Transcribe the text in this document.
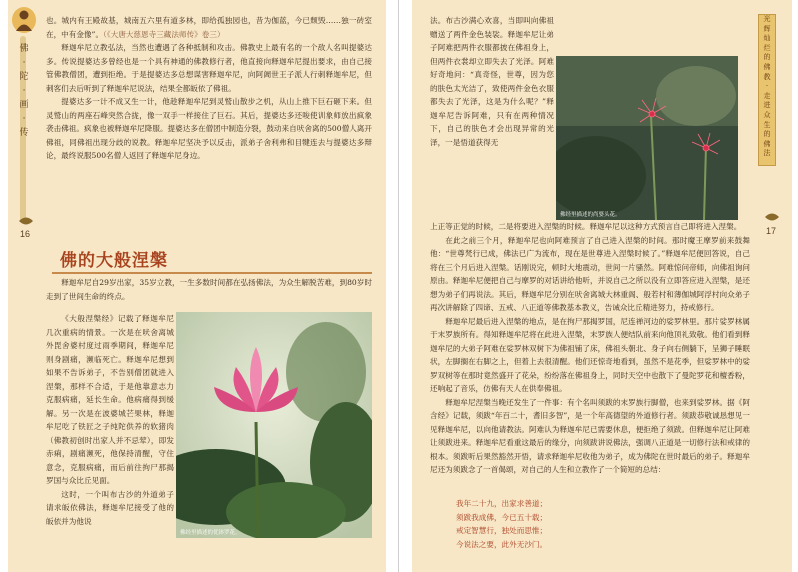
佛
·
陀
·
画
·
传
16

也。城内有王殿故基，城南五六里有道多林，即给孤独园也，昔为伽蓝，今已颓毁……独一砖室在，中有金像”。（《大唐大慈恩寺三藏法师传》卷三）

释迦牟尼立教弘法，当然也遭遇了各种抵制和攻击。佛教史上最有名的一个敌人名叫提婆达多。传说提婆达多曾经也是一个具有神通的佛教修行者，他直接向释迦牟尼提出要求，由自己接管佛教僧团，遭到拒绝。于是提婆达多总想谋害释迦牟尼，向阿阇世王子派人行刺释迦牟尼，但刺客们去后听到了释迦牟尼说法，结果全都皈依了佛祖。

提婆达多一计不成又生一计，他趁释迦牟尼到灵鹫山散步之机，从山上推下巨石砸下来。但灵鹫山的两座石峰突然合拢，像一双手一样接住了巨石。其后，提婆达多还唆使训象师放出疯象袭击佛祖。疯象也被释迦牟尼降服。提婆达多在僧团中制造分裂，鼓动来自吠舍离的500僧人离开佛祖，同佛祖出现分歧的说教。释迦牟尼坚决予以反击，派弟子舍利弗和目犍连去与提婆达多辩论，最终说服500名僧人返回了释迦牟尼身边。

佛的大般涅槃

释迦牟尼自29岁出家，35岁立教，一生多数时间都在弘扬佛法，为众生解脱苦难，到80岁时走到了世间生命的终点。

《大般涅槃经》记载了释迦牟尼几次重病的情景。一次是在吠舍离城外毘舍婆村度过雨季期间，释迦牟尼则身剧痛，濒临死亡。释迦牟尼想到如果不告诉弟子，不告别僧团就进入涅槃，那样不合适，于是他靠意志力克服病痛，延长生命。他病痛得到缓解。另一次是在波婆城芒果林，释迦牟尼吃了铁匠之子纯陀供养的软猪肉（佛教初创时出家人并不忌荤），即发赤痢，剧痛濒死，他保持清醒，守住意念，克服病痛，而后前往拘尸那揭罗国与众比丘见面。

这时，一个叫布古沙的外道弟子请求皈依佛法，释迦牟尼接受了他的皈依并为他说

佛经里描述的优钵罗花。
光
辉
灿
烂
的
佛
教
·
走
进
众
生
的
佛
法
17
佛经里描述的尚婆头花。

法。布古沙满心欢喜，当即叫向佛祖赠送了两件金色装裟。释迦牟尼让弟子阿难把两件衣服都披在佛祖身上，但两件衣裳却立即失去了光泽。阿难好奇地问：“真奇怪，世尊，因为您的肤色太光洁了，致使两件金色衣服都失去了光泽，这是为什么呢？”释迦牟尼告诉阿难，只有在两种情况下，自己的肤色才会出现异常的光泽，一是悟道获得无

上正等正觉的时候，二是将要进入涅槃的时候。释迦牟尼以这种方式预言自己即将进入涅槃。

在此之前三个月，释迦牟尼也向阿难预言了自己进入涅槃的时间。那时魔王摩罗前来鼓舞他：“世尊梵行已成，佛法已广为流布，现在是世尊进入涅槃时候了。”释迦牟尼便回答说，自己将在三个月后进入涅槃。话刚说完，顿时大地震动，世间一片骚然。阿难惊问帝师，向佛祖询问原由。释迦牟尼便把自己与摩罗的对话讲给他听，并说自己之所以没有立即答应进入涅槃，是还想为弟子们再说法。其后，释迦牟尼分别在吠舍离城大林重阁、般若村和薄伽城阿浮村向众弟子再次讲解除了四谛、五戒、八正道等佛教基本教义，告诫众比丘精进努力，持戒修行。

释迦牟尼最后进入涅槃的地点，是在拘尸那揭罗国，尼连禅河边的娑罗林里。那片娑罗林属于末罗族所有。得知释迦牟尼将在此进入涅槃，末罗族人便结队前来向他顶礼致敬。他们看到释迦牟尼的大弟子阿难在娑罗林双树下为佛祖铺了床，佛祖头朝北、身子向右侧躺下，呈狮子睡眠状，左脚搁在右脚之上，但着上去很清醒。他们还惊奇地看到，虽然不是花季，但娑罗林中的娑罗双树等在那时竟然盛开了花朵，纷纷落在佛祖身上，同时天空中也散下了曼陀罗花和檀香粉，还响起了音乐，仿佛有天人在供奉佛祖。

释迦牟尼涅槃当晚还发生了一件事：有个名叫须跋的末罗族行脚僧，也来到娑罗林。据《阿含经》记载，须跋“年百二十，耆旧多智”，是一个年高德望的外道修行者。须跋恭敬诚恳想见一见释迦牟尼，以向他请教法。阿难认为释迦牟尼已需要休息，便拒绝了须跋。但释迦牟尼让阿难让须跋进来。释迦牟尼看重这最后的缘分，向须跋讲说佛法，强调八正道是一切修行法和戒律的根本。须跋听后果然豁然开悟，请求释迦牟尼收他为弟子，成为佛陀在世时最后的弟子。释迦牟尼还为须跋念了一首偈颂，对自己的人生和立教作了一个简短的总结：

我年二十九，出家求善道；
须跋我成佛，今已五十载；
戒定智慧行，独处而思惟；
今说法之要，此外无沙门。
